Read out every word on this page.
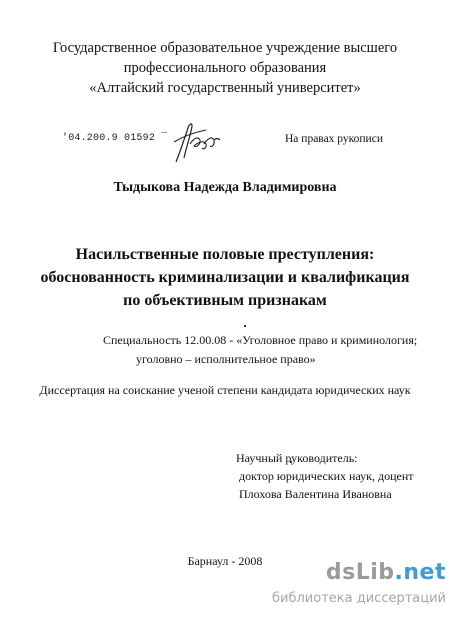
Государственное образовательное учреждение высшего
профессионального образования
«Алтайский государственный университет»
'04.200.9 01592 ¯	На правах рукописи
Тыдыкова Надежда Владимировна
Насильственные половые преступления:
обоснованность криминализации и квалификация
по объективным признакам
Специальность 12.00.08 - «Уголовное право и криминология;
уголовно – исполнительное право»
Диссертация на соискание ученой степени кандидата юридических наук
Научный руководитель:
доктор юридических наук, доцент
Плохова Валентина Ивановна
Барнаул - 2008	dsLib.net
библиотека диссертаций
